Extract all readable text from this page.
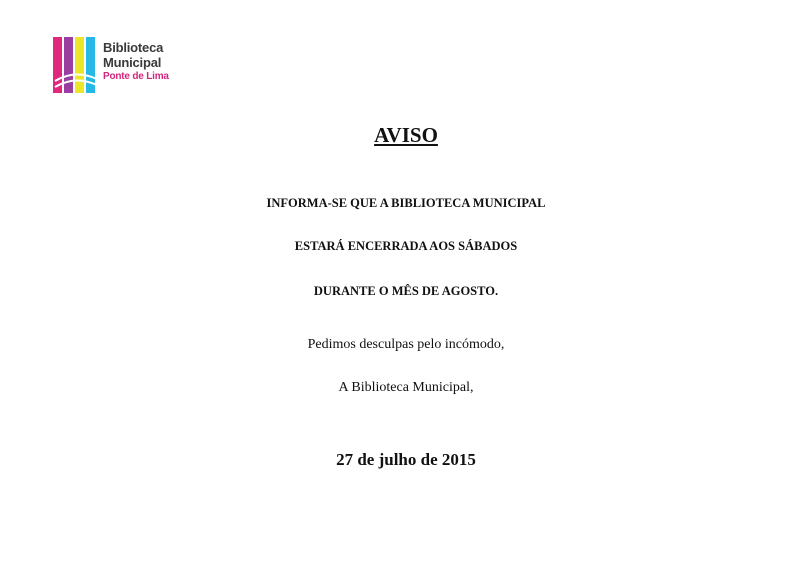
Biblioteca
Municipal
Ponte de Lima
AVISO
INFORMA-SE QUE A BIBLIOTECA MUNICIPAL
ESTARÁ ENCERRADA AOS SÁBADOS
DURANTE O MÊS DE AGOSTO.
Pedimos desculpas pelo incómodo,
A Biblioteca Municipal,
27 de julho de 2015
